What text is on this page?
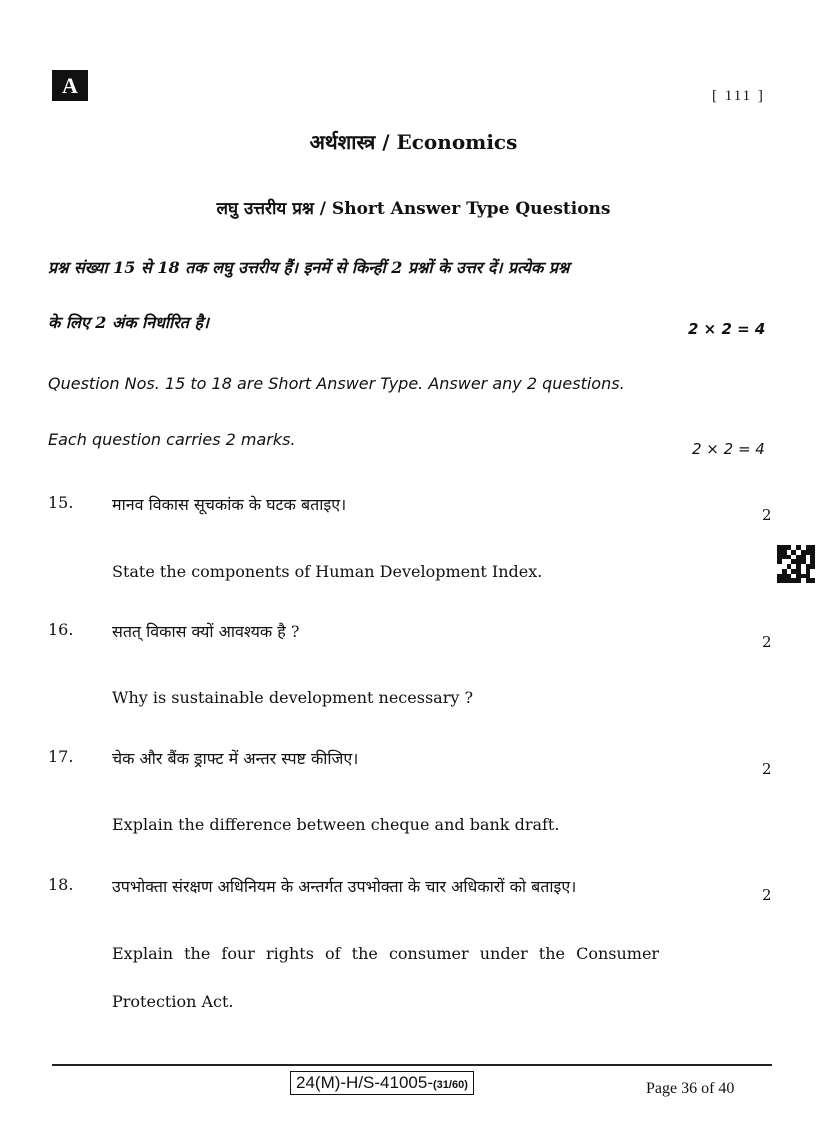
A	[ 111 ]
अर्थशास्त्र / Economics
लघु उत्तरीय प्रश्न / Short Answer Type Questions
प्रश्न संख्या 15 से 18 तक लघु उत्तरीय हैं। इनमें से किन्हीं 2 प्रश्नों के उत्तर दें। प्रत्येक प्रश्न
के लिए 2 अंक निर्धारित है।	2 × 2 = 4
Question Nos. 15 to 18 are Short Answer Type. Answer any 2 questions.
Each question carries 2 marks.	2 × 2 = 4
15. मानव विकास सूचकांक के घटक बताइए।
2
State the components of Human Development Index.
16. सतत् विकास क्यों आवश्यक है ?
2
Why is sustainable development necessary ?
17. चेक और बैंक ड्राफ्ट में अन्तर स्पष्ट कीजिए।
2
Explain the difference between cheque and bank draft.
18. उपभोक्ता संरक्षण अधिनियम के अन्तर्गत उपभोक्ता के चार अधिकारों को बताइए।	2
Explain the four rights of the consumer under the Consumer
Protection Act.
24(M)-H/S-41005-(31/60)	Page 36 of 40
